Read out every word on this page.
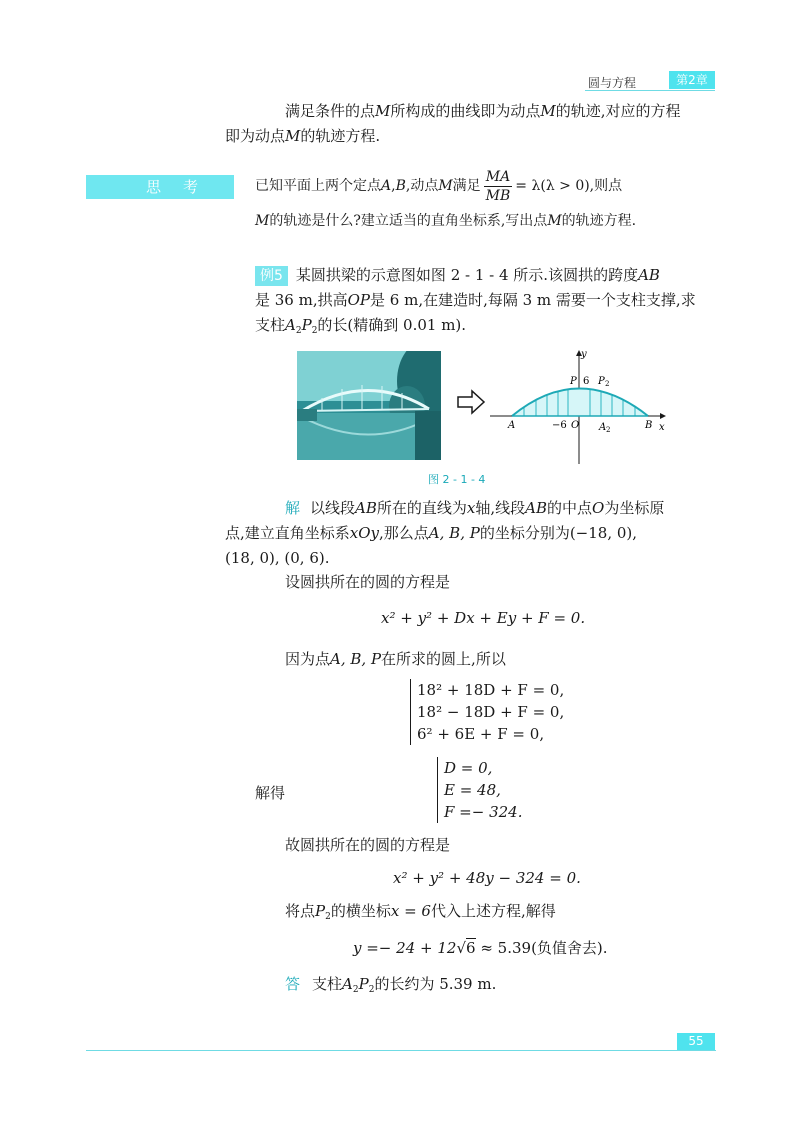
圆与方程	第2章
满足条件的点M所构成的曲线即为动点M的轨迹,对应的方程
即为动点M的轨迹方程.
思考	已知平面上两个定点 A , B ,动点 M 满足 $\frac{MA}{MB} = \lambda(\lambda > 0)$,则点
M的轨迹是什么?建立适当的直角坐标系,写出点M的轨迹方程.
例5 某圆拱梁的示意图如图 2 - 1 - 4 所示.该圆拱的跨度AB
是 36 m,拱高OP是 6 m,在建造时,每隔 3 m 需要一个支柱支撑,求
支柱$A_2P_2$的长(精确到 0.01 m).
y
x
P 6 P 2
A	−6 O A 2	B
图 2 - 1 - 4
解 以线段AB所在的直线为x轴,线段AB的中点O为坐标原
点,建立直角坐标系xOy,那么点A, B, P的坐标分别为(−18, 0),
(18, 0), (0, 6).
设圆拱所在的圆的方程是
x² + y² + Dx + Ey + F = 0.
因为点A, B, P在所求的圆上,所以
18² + 18D + F = 0,
18² − 18D + F = 0,
6² + 6E + F = 0,
解得
D = 0,
E = 48,
F =− 324.
故圆拱所在的圆的方程是
x² + y² + 48y − 324 = 0.
将点$P_2$的横坐标x = 6代入上述方程,解得
y =− 24 + 12√6 ≈ 5.39(负值舍去).
答 支柱$A_2P_2$的长约为 5.39 m.
55
